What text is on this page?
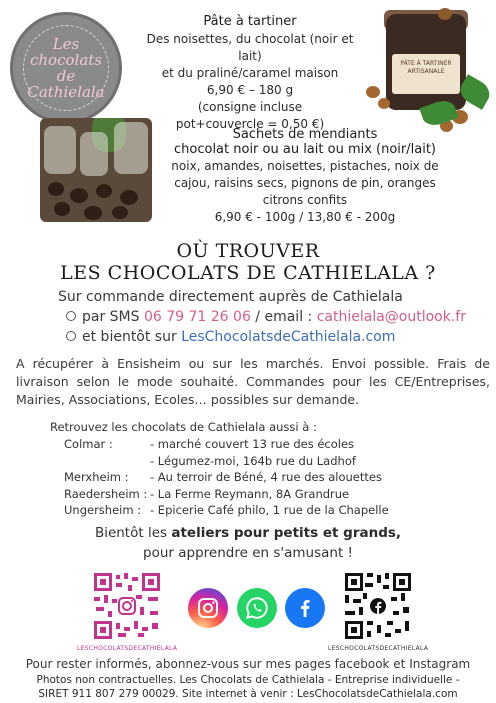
Les chocolats
de Cathielala
Pâte à tartiner
Des noisettes, du chocolat (noir et lait)
et du praliné/caramel maison
6,90 € – 180 g
(consigne incluse
pot+couvercle = 0,50 €)
PÂTE À TARTINER ARTISANALE
Sachets de mendiants
chocolat noir ou au lait ou mix (noir/lait)
noix, amandes, noisettes, pistaches, noix de
cajou, raisins secs, pignons de pin, oranges
citrons confits
6,90 € - 100g / 13,80 € - 200g
OÙ TROUVER
LES CHOCOLATS DE CATHIELALA ?
Sur commande directement auprès de Cathielala
par SMS 06 79 71 26 06 / email : cathielala@outlook.fr
et bientôt sur LesChocolatsdeCathielala.com
A récupérer à Ensisheim ou sur les marchés. Envoi possible. Frais de livraison selon le mode souhaité. Commandes pour les CE/Entreprises, Mairies, Associations, Ecoles… possibles sur demande.
Retrouvez les chocolats de Cathielala aussi à :
Colmar :	- marché couvert 13 rue des écoles
- Légumez-moi, 164b rue du Ladhof
Merxheim :	- Au terroir de Béné, 4 rue des alouettes
Raedersheim : - La Ferme Reymann, 8A Grandrue
Ungersheim : - Epicerie Café philo, 1 rue de la Chapelle
Bientôt les ateliers pour petits et grands,
pour apprendre en s'amusant !
LESCHOCOLATSDECATHIELALA	LESCHOCOLATSDECATHIELALA
Pour rester informés, abonnez-vous sur mes pages facebook et Instagram
Photos non contractuelles. Les Chocolats de Cathielala - Entreprise individuelle -
SIRET 911 807 279 00029. Site internet à venir : LesChocolatsdeCathielala.com
